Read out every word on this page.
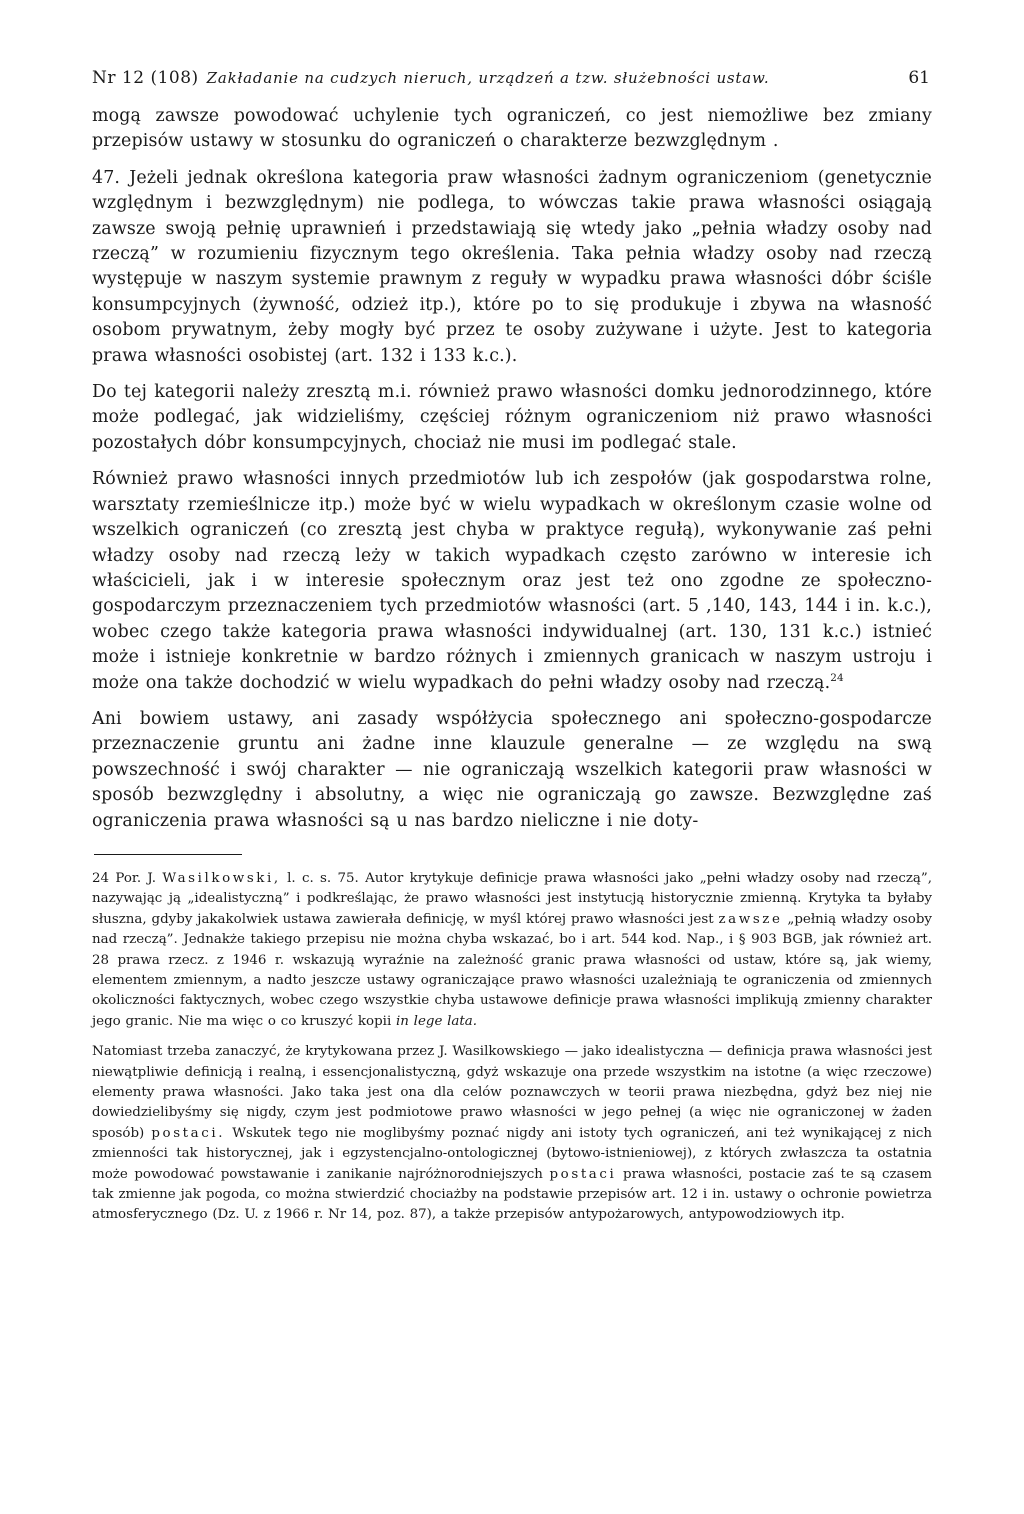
Nr 12 (108) Zakładanie na cudzych nieruch, urządzeń a tzw. służebności ustaw.	61

mogą zawsze powodować uchylenie tych ograniczeń, co jest niemożliwe bez zmiany przepisów ustawy w stosunku do ograniczeń o charakterze bezwzględnym .

47. Jeżeli jednak określona kategoria praw własności żadnym ograniczeniom (genetycznie względnym i bezwzględnym) nie podlega, to wówczas takie prawa własności osiągają zawsze swoją pełnię uprawnień i przedstawiają się wtedy jako „pełnia władzy osoby nad rzeczą” w rozumieniu fizycznym tego określenia. Taka pełnia władzy osoby nad rzeczą występuje w naszym systemie prawnym z reguły w wypadku prawa własności dóbr ściśle konsumpcyjnych (żywność, odzież itp.), które po to się produkuje i zbywa na własność osobom prywatnym, żeby mogły być przez te osoby zużywane i użyte. Jest to kategoria prawa własności osobistej (art. 132 i 133 k.c.).

Do tej kategorii należy zresztą m.i. również prawo własności domku jednorodzinnego, które może podlegać, jak widzieliśmy, częściej różnym ograniczeniom niż prawo własności pozostałych dóbr konsumpcyjnych, chociaż nie musi im podlegać stale.

Również prawo własności innych przedmiotów lub ich zespołów (jak gospodarstwa rolne, warsztaty rzemieślnicze itp.) może być w wielu wypadkach w określonym czasie wolne od wszelkich ograniczeń (co zresztą jest chyba w praktyce regułą), wykonywanie zaś pełni władzy osoby nad rzeczą leży w takich wypadkach często zarówno w interesie ich właścicieli, jak i w interesie społecznym oraz jest też ono zgodne ze społeczno-gospodarczym przeznaczeniem tych przedmiotów własności (art. 5 ,140, 143, 144 i in. k.c.), wobec czego także kategoria prawa własności indywidualnej (art. 130, 131 k.c.) istnieć może i istnieje konkretnie w bardzo różnych i zmiennych granicach w naszym ustroju i może ona także dochodzić w wielu wypadkach do pełni władzy osoby nad rzeczą.$^{24}$

Ani bowiem ustawy, ani zasady współżycia społecznego ani społeczno-gospodarcze przeznaczenie gruntu ani żadne inne klauzule generalne — ze względu na swą powszechność i swój charakter — nie ograniczają wszelkich kategorii praw własności w sposób bezwzględny i absolutny, a więc nie ograniczają go zawsze. Bezwzględne zaś ograniczenia prawa własności są u nas bardzo nieliczne i nie doty-

24 Por. J. Wasilkowski, l. c. s. 75. Autor krytykuje definicje prawa własności jako „pełni władzy osoby nad rzeczą”, nazywając ją „idealistyczną” i podkreślając, że prawo własności jest instytucją historycznie zmienną. Krytyka ta byłaby słuszna, gdyby jakakolwiek ustawa zawierała definicję, w myśl której prawo własności jest zawsze „pełnią władzy osoby nad rzeczą”. Jednakże takiego przepisu nie można chyba wskazać, bo i art. 544 kod. Nap., i § 903 BGB, jak również art. 28 prawa rzecz. z 1946 r. wskazują wyraźnie na zależność granic prawa własności od ustaw, które są, jak wiemy, elementem zmiennym, a nadto jeszcze ustawy ograniczające prawo własności uzależniają te ograniczenia od zmiennych okoliczności faktycznych, wobec czego wszystkie chyba ustawowe definicje prawa własności implikują zmienny charakter jego granic. Nie ma więc o co kruszyć kopii in lege lata.

Natomiast trzeba zanaczyć, że krytykowana przez J. Wasilkowskiego — jako idealistyczna — definicja prawa własności jest niewątpliwie definicją i realną, i essencjonalistyczną, gdyż wskazuje ona przede wszystkim na istotne (a więc rzeczowe) elementy prawa własności. Jako taka jest ona dla celów poznawczych w teorii prawa niezbędna, gdyż bez niej nie dowiedzielibyśmy się nigdy, czym jest podmiotowe prawo własności w jego pełnej (a więc nie ograniczonej w żaden sposób) postaci. Wskutek tego nie moglibyśmy poznać nigdy ani istoty tych ograniczeń, ani też wynikającej z nich zmienności tak historycznej, jak i egzystencjalno-ontologicznej (bytowo-istnieniowej), z których zwłaszcza ta ostatnia może powodować powstawanie i zanikanie najróżnorodniejszych postaci prawa własności, postacie zaś te są czasem tak zmienne jak pogoda, co można stwierdzić chociażby na podstawie przepisów art. 12 i in. ustawy o ochronie powietrza atmosferycznego (Dz. U. z 1966 r. Nr 14, poz. 87), a także przepisów antypożarowych, antypowodziowych itp.
